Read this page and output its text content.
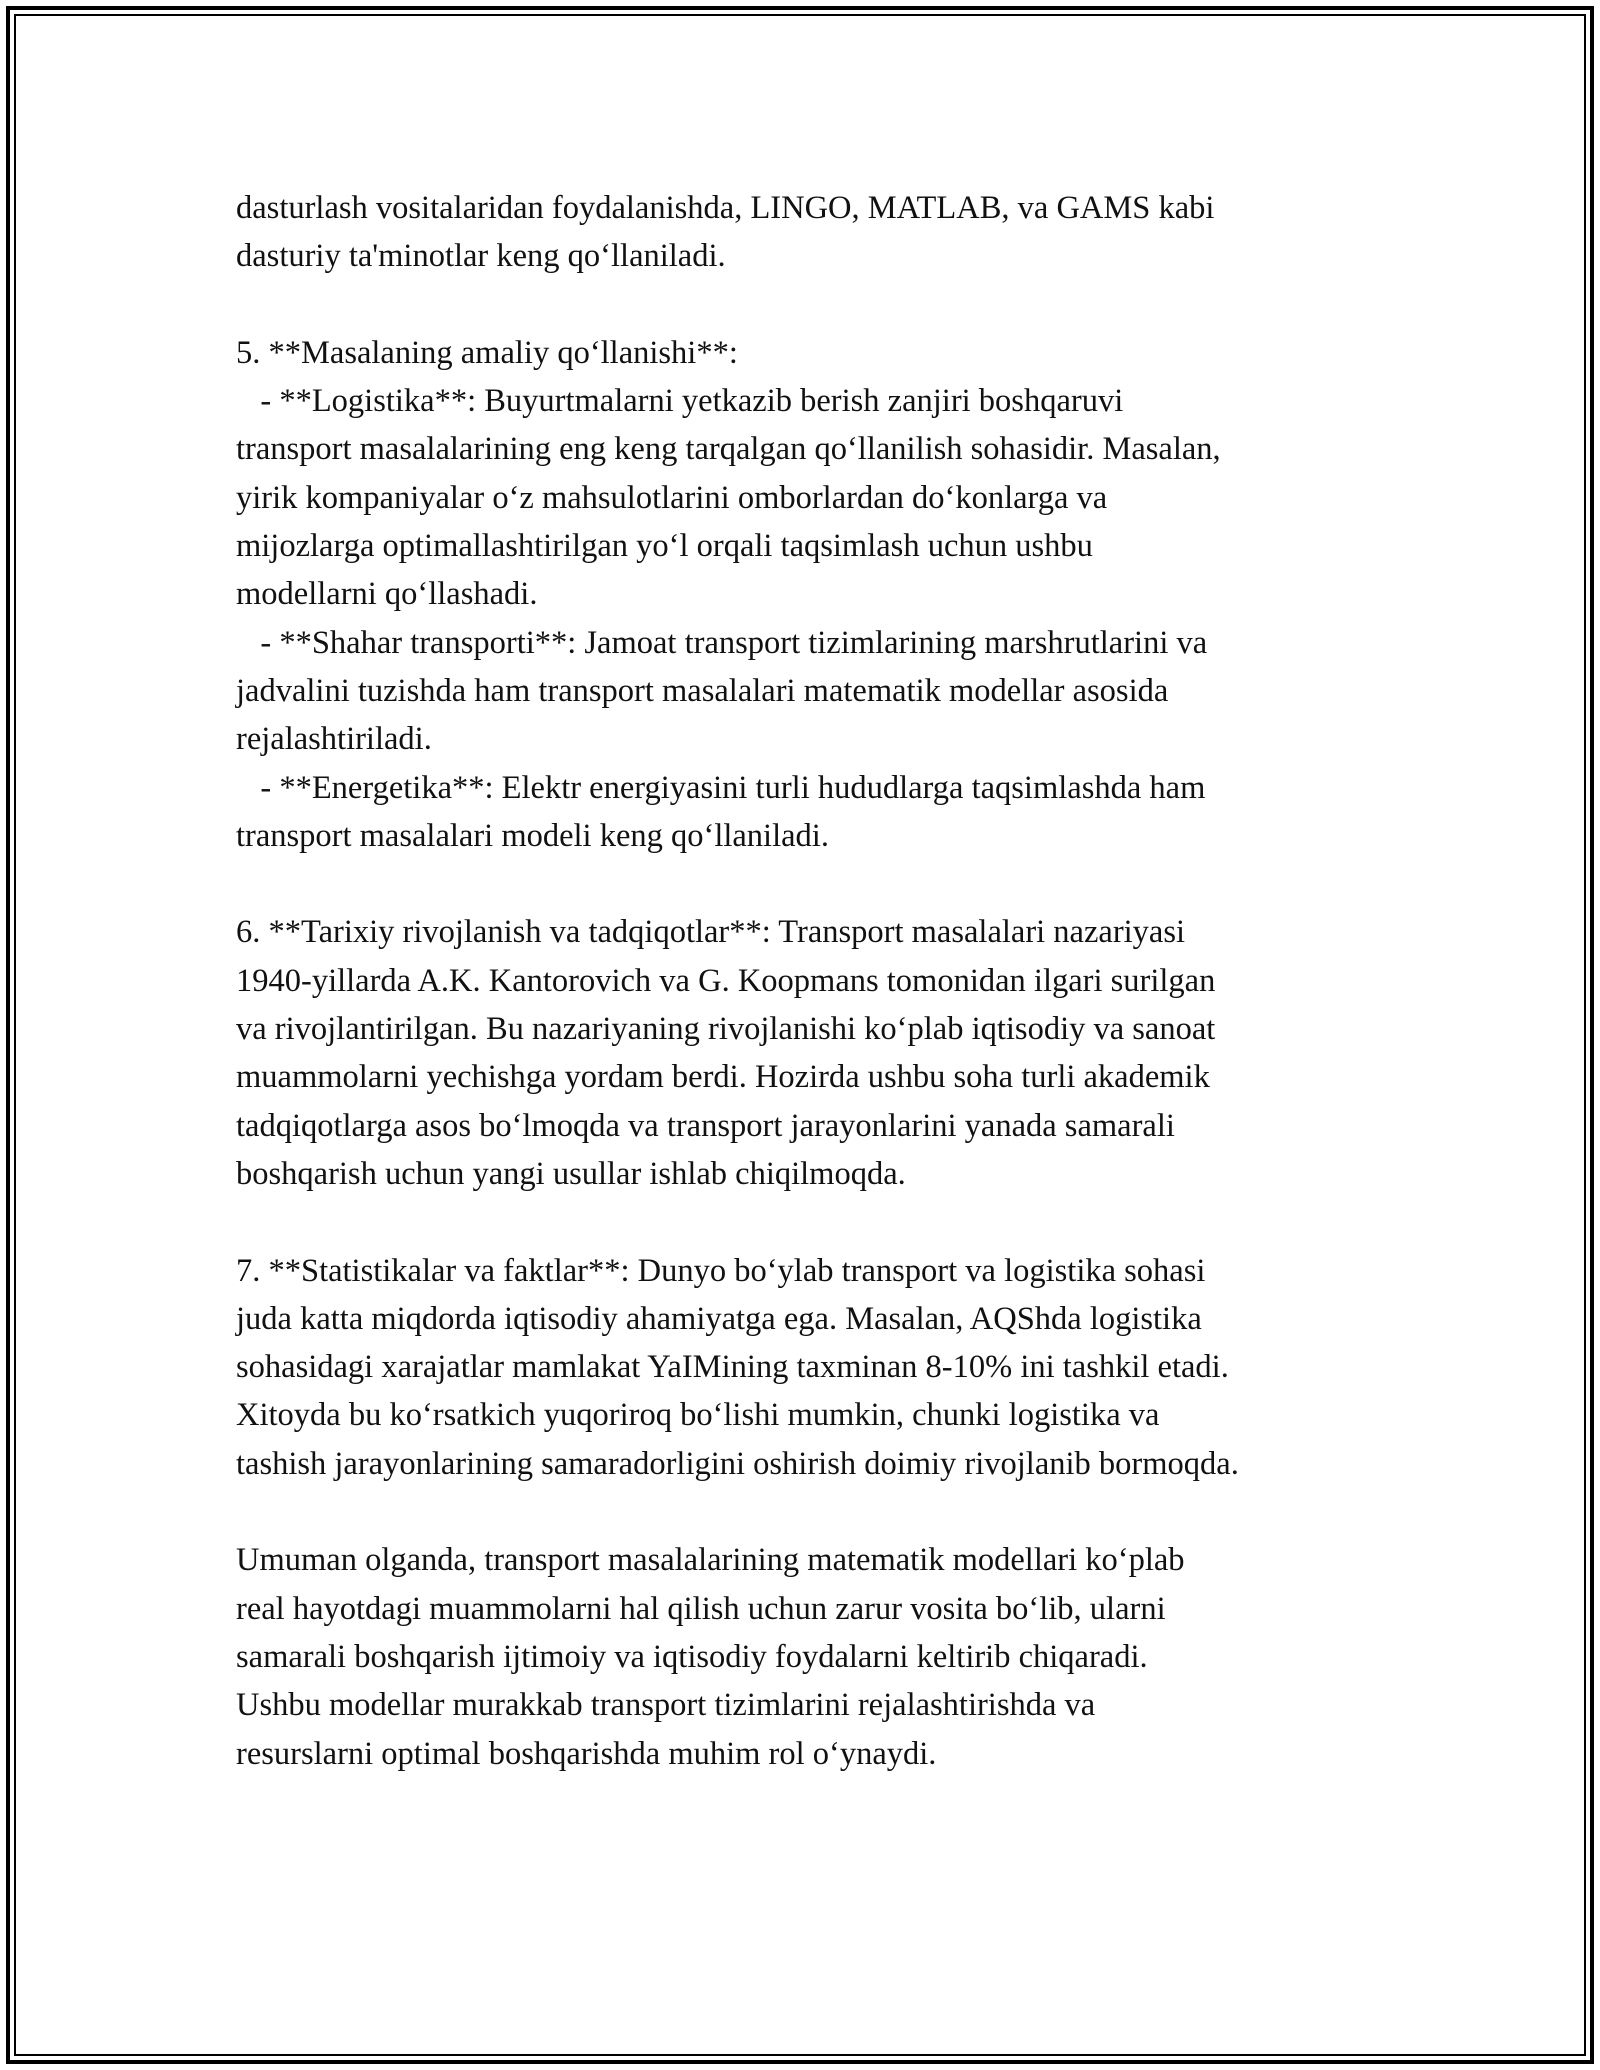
dasturlash vositalaridan foydalanishda, LINGO, MATLAB, va GAMS kabi
dasturiy ta'minotlar keng qo‘llaniladi.
5. **Masalaning amaliy qo‘llanishi**:
- **Logistika**: Buyurtmalarni yetkazib berish zanjiri boshqaruvi
transport masalalarining eng keng tarqalgan qo‘llanilish sohasidir. Masalan,
yirik kompaniyalar o‘z mahsulotlarini omborlardan do‘konlarga va
mijozlarga optimallashtirilgan yo‘l orqali taqsimlash uchun ushbu
modellarni qo‘llashadi.
- **Shahar transporti**: Jamoat transport tizimlarining marshrutlarini va
jadvalini tuzishda ham transport masalalari matematik modellar asosida
rejalashtiriladi.
- **Energetika**: Elektr energiyasini turli hududlarga taqsimlashda ham
transport masalalari modeli keng qo‘llaniladi.
6. **Tarixiy rivojlanish va tadqiqotlar**: Transport masalalari nazariyasi
1940-yillarda A.K. Kantorovich va G. Koopmans tomonidan ilgari surilgan
va rivojlantirilgan. Bu nazariyaning rivojlanishi ko‘plab iqtisodiy va sanoat
muammolarni yechishga yordam berdi. Hozirda ushbu soha turli akademik
tadqiqotlarga asos bo‘lmoqda va transport jarayonlarini yanada samarali
boshqarish uchun yangi usullar ishlab chiqilmoqda.
7. **Statistikalar va faktlar**: Dunyo bo‘ylab transport va logistika sohasi
juda katta miqdorda iqtisodiy ahamiyatga ega. Masalan, AQShda logistika
sohasidagi xarajatlar mamlakat YaIMining taxminan 8-10% ini tashkil etadi.
Xitoyda bu ko‘rsatkich yuqoriroq bo‘lishi mumkin, chunki logistika va
tashish jarayonlarining samaradorligini oshirish doimiy rivojlanib bormoqda.
Umuman olganda, transport masalalarining matematik modellari ko‘plab
real hayotdagi muammolarni hal qilish uchun zarur vosita bo‘lib, ularni
samarali boshqarish ijtimoiy va iqtisodiy foydalarni keltirib chiqaradi.
Ushbu modellar murakkab transport tizimlarini rejalashtirishda va
resurslarni optimal boshqarishda muhim rol o‘ynaydi.
